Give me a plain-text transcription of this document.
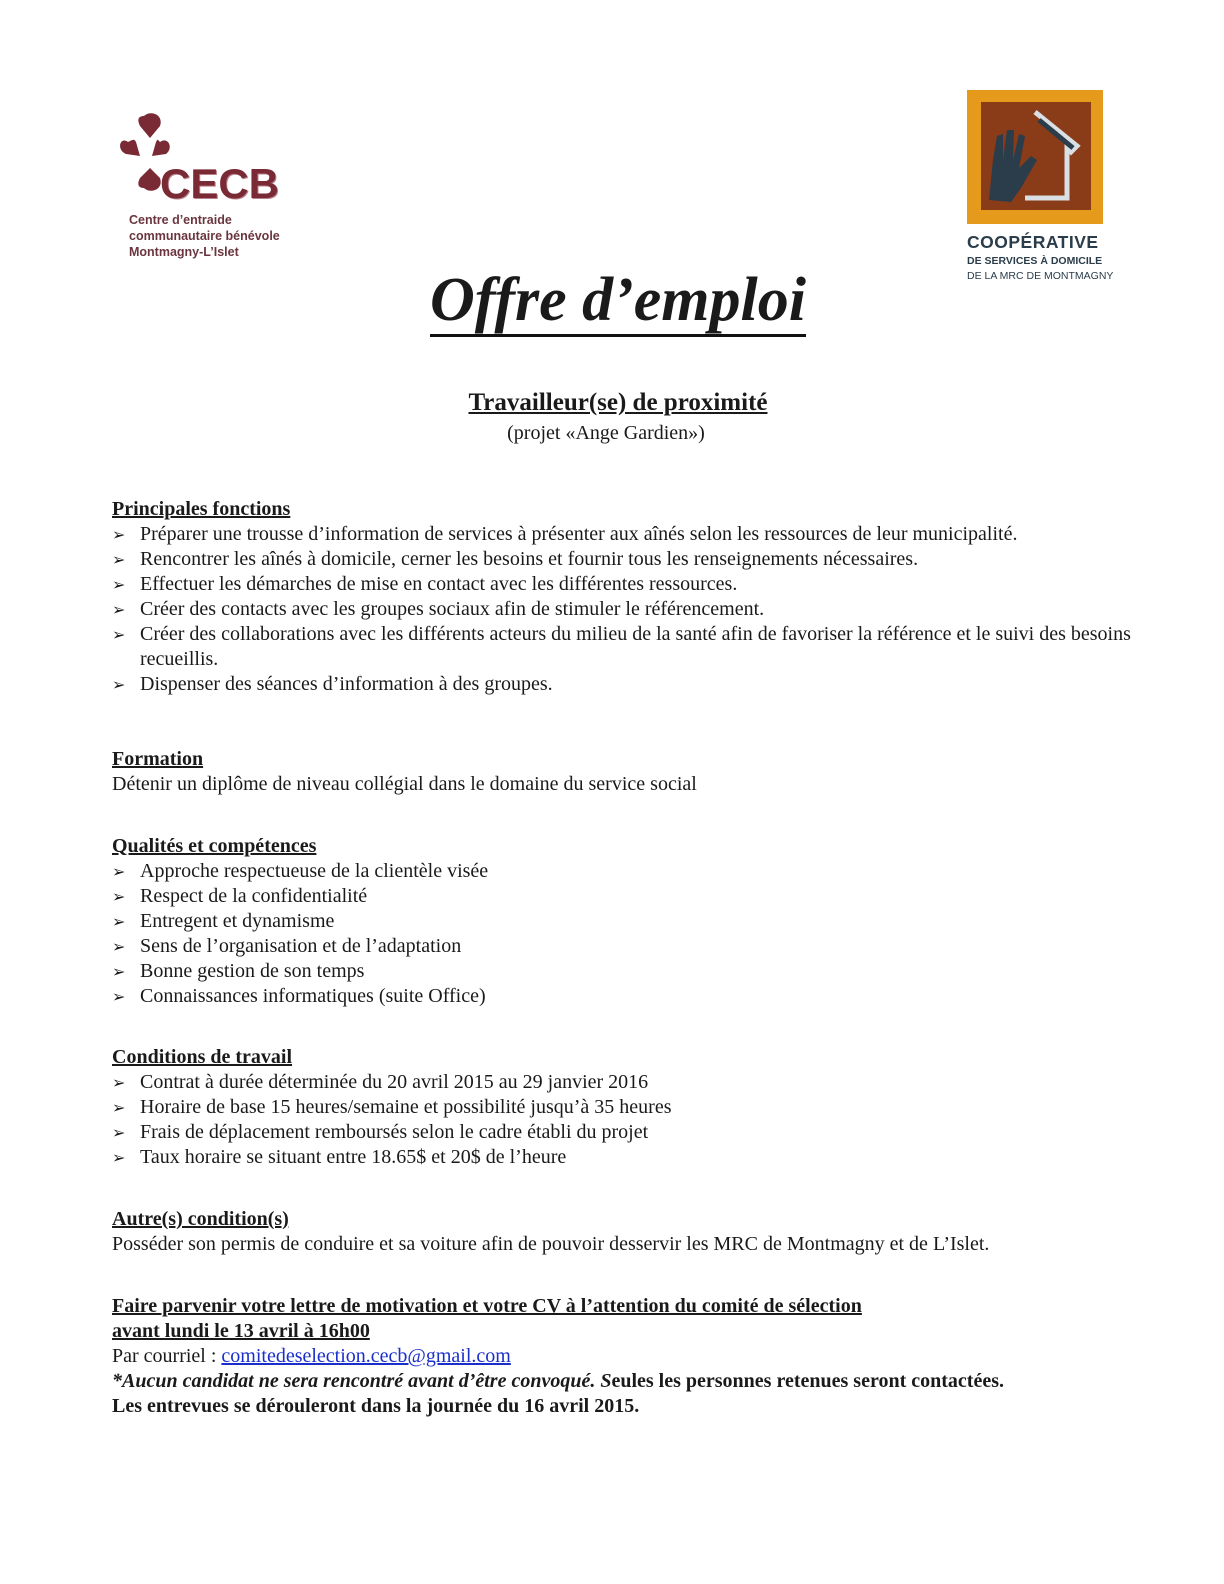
CECB
Centre d’entraide
communautaire bénévole
Montmagny-L’Islet	COOPÉRATIVE
DE SERVICES À DOMICILE
DE LA MRC DE MONTMAGNY
Offre d’emploi
Travailleur(se) de proximité
(projet «Ange Gardien»)
Principales fonctions
➢ Préparer une trousse d’information de services à présenter aux aînés selon les ressources de leur municipalité.
➢ Rencontrer les aînés à domicile, cerner les besoins et fournir tous les renseignements nécessaires.
➢ Effectuer les démarches de mise en contact avec les différentes ressources.
➢ Créer des contacts avec les groupes sociaux afin de stimuler le référencement.
➢ Créer des collaborations avec les différents acteurs du milieu de la santé afin de favoriser la référence et le suivi des besoins recueillis.
➢ Dispenser des séances d’information à des groupes.
Formation
Détenir un diplôme de niveau collégial dans le domaine du service social
Qualités et compétences
➢ Approche respectueuse de la clientèle visée
➢ Respect de la confidentialité
➢ Entregent et dynamisme
➢ Sens de l’organisation et de l’adaptation
➢ Bonne gestion de son temps
➢ Connaissances informatiques (suite Office)
Conditions de travail
➢ Contrat à durée déterminée du 20 avril 2015 au 29 janvier 2016
➢ Horaire de base 15 heures/semaine et possibilité jusqu’à 35 heures
➢ Frais de déplacement remboursés selon le cadre établi du projet
➢ Taux horaire se situant entre 18.65$ et 20$ de l’heure
Autre(s) condition(s)
Posséder son permis de conduire et sa voiture afin de pouvoir desservir les MRC de Montmagny et de L’Islet.
Faire parvenir votre lettre de motivation et votre CV à l’attention du comité de sélection
avant lundi le 13 avril à 16h00
Par courriel : comitedeselection.cecb@gmail.com
*Aucun candidat ne sera rencontré avant d’être convoqué. Seules les personnes retenues seront contactées.
Les entrevues se dérouleront dans la journée du 16 avril 2015.
